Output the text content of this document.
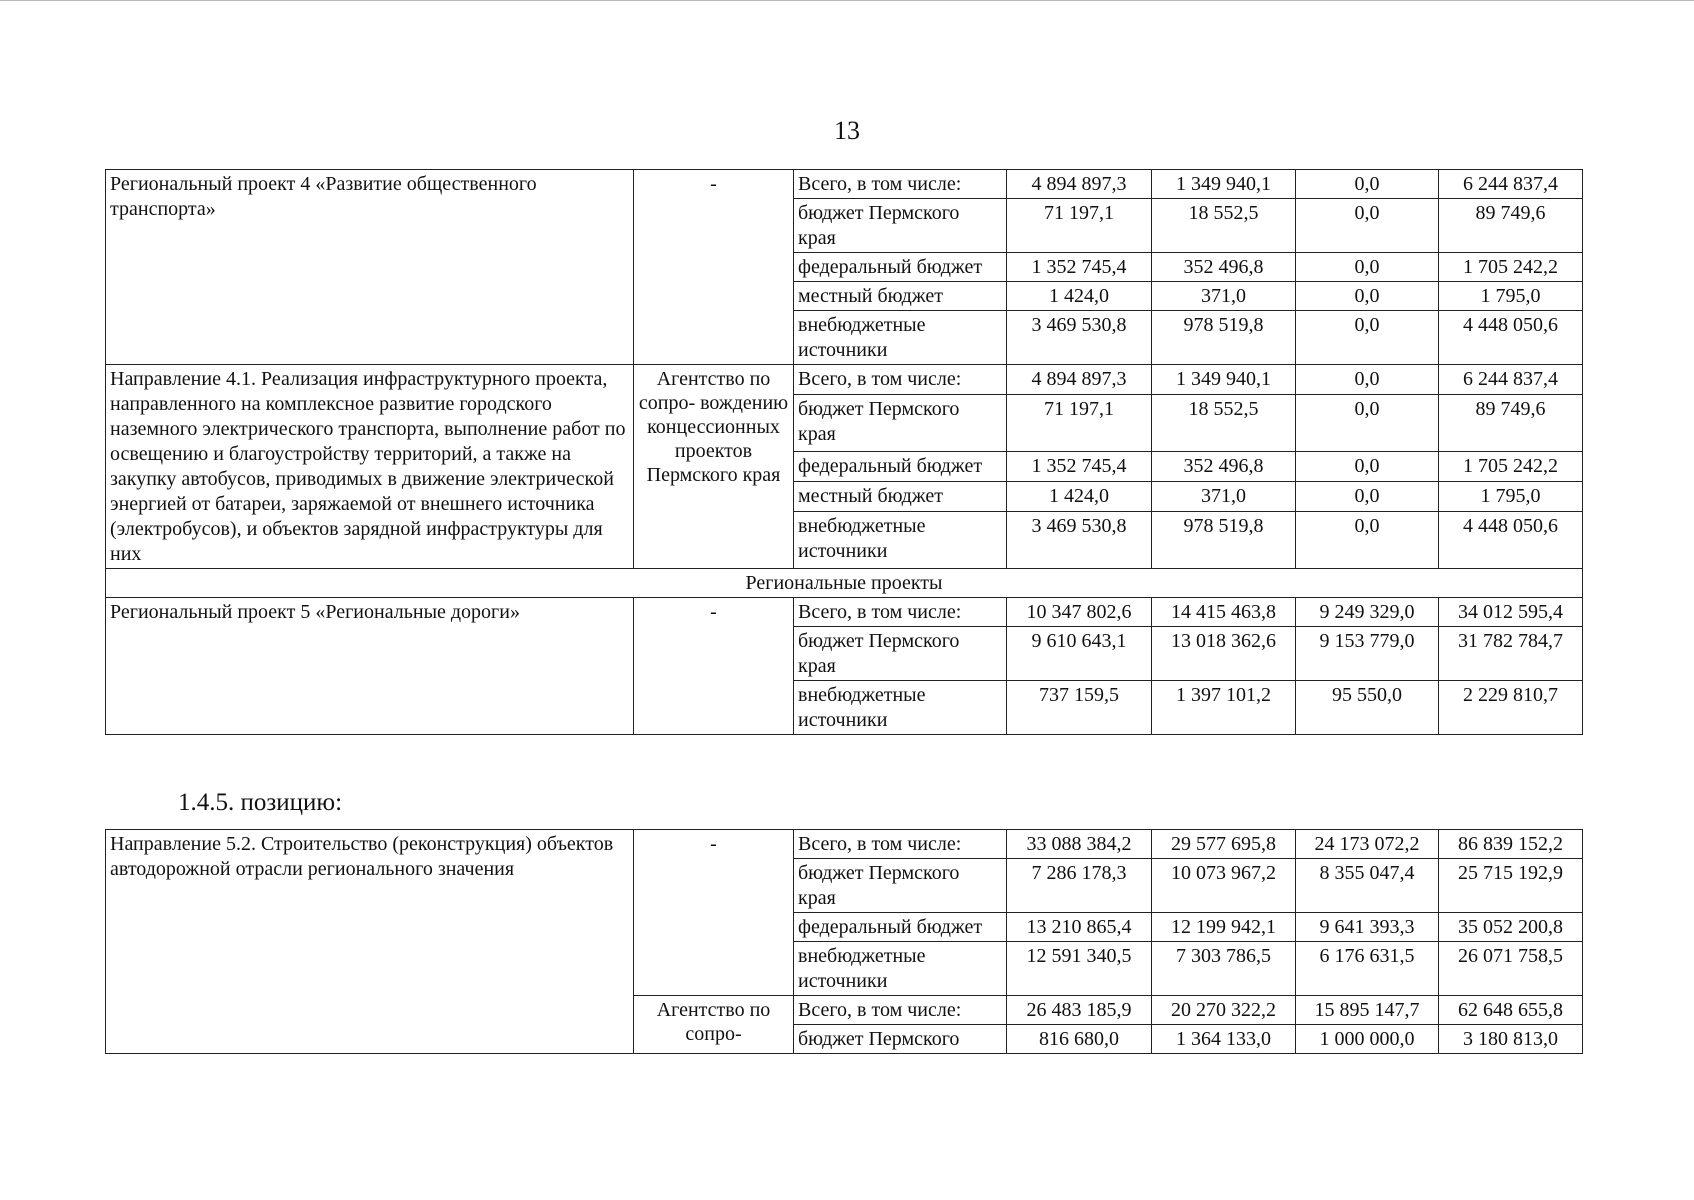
13
Региональный проект 4 «Развитие общественного транспорта»	-	Всего, в том числе:	4 894 897,3	1 349 940,1	0,0	6 244 837,4
		бюджет Пермского края	71 197,1	18 552,5	0,0	89 749,6
		федеральный бюджет	1 352 745,4	352 496,8	0,0	1 705 242,2
		местный бюджет	1 424,0	371,0	0,0	1 795,0
		внебюджетные источники	3 469 530,8	978 519,8	0,0	4 448 050,6
Направление 4.1. Реализация инфраструктурного проекта, направленного на комплексное развитие городского наземного электрического транспорта, выполнение работ по освещению и благоустройству территорий, а также на закупку автобусов, приводимых в движение электрической энергией от батареи, заряжаемой от внешнего источника (электробусов), и объектов зарядной инфраструктуры для них	Агентство по сопро- вождению концессионных проектов Пермского края	Всего, в том числе:	4 894 897,3	1 349 940,1	0,0	6 244 837,4
		бюджет Пермского края	71 197,1	18 552,5	0,0	89 749,6
		федеральный бюджет	1 352 745,4	352 496,8	0,0	1 705 242,2
		местный бюджет	1 424,0	371,0	0,0	1 795,0
		внебюджетные источники	3 469 530,8	978 519,8	0,0	4 448 050,6
Региональные проекты						
Региональный проект 5 «Региональные дороги»	-	Всего, в том числе:	10 347 802,6	14 415 463,8	9 249 329,0	34 012 595,4
		бюджет Пермского края	9 610 643,1	13 018 362,6	9 153 779,0	31 782 784,7
		внебюджетные источники	737 159,5	1 397 101,2	95 550,0	2 229 810,7
1.4.5. позицию:
Направление 5.2. Строительство (реконструкция) объектов автодорожной отрасли регионального значения	-	Всего, в том числе:	33 088 384,2	29 577 695,8	24 173 072,2	86 839 152,2
		бюджет Пермского края	7 286 178,3	10 073 967,2	8 355 047,4	25 715 192,9
		федеральный бюджет	13 210 865,4	12 199 942,1	9 641 393,3	35 052 200,8
		внебюджетные источники	12 591 340,5	7 303 786,5	6 176 631,5	26 071 758,5
	Агентство по сопро-	Всего, в том числе:	26 483 185,9	20 270 322,2	15 895 147,7	62 648 655,8
		бюджет Пермского	816 680,0	1 364 133,0	1 000 000,0	3 180 813,0
